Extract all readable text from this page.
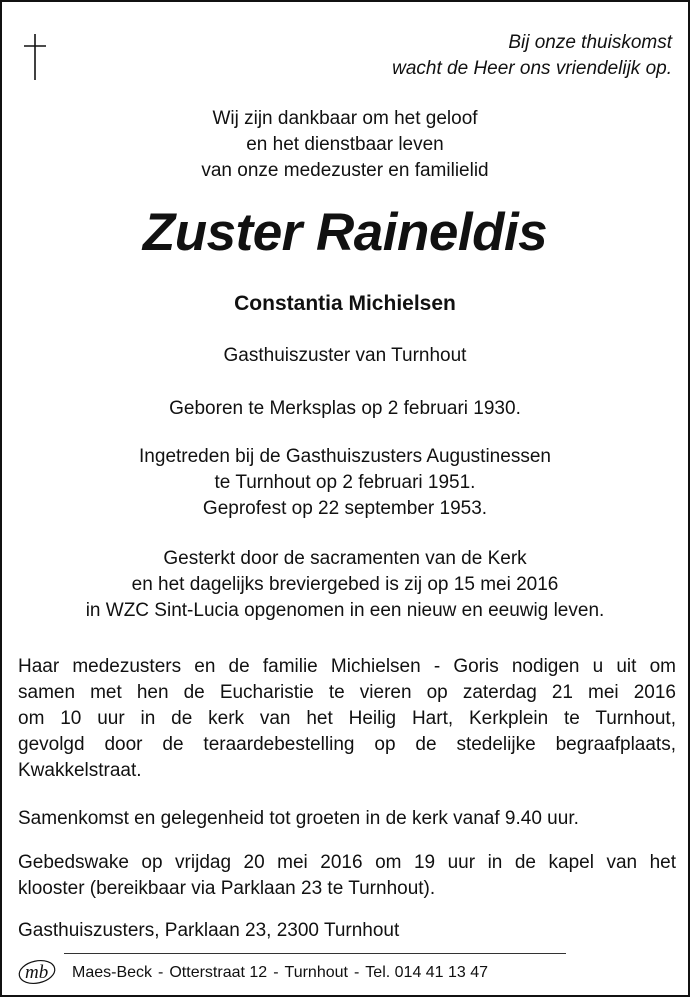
Bij onze thuiskomst
wacht de Heer ons vriendelijk op.
Wij zijn dankbaar om het geloof
en het dienstbaar leven
van onze medezuster en familielid
Zuster Raineldis
Constantia Michielsen
Gasthuiszuster van Turnhout
Geboren te Merksplas op 2 februari 1930.
Ingetreden bij de Gasthuiszusters Augustinessen
te Turnhout op 2 februari 1951.
Geprofest op 22 september 1953.
Gesterkt door de sacramenten van de Kerk
en het dagelijks breviergebed is zij op 15 mei 2016
in WZC Sint-Lucia opgenomen in een nieuw en eeuwig leven.
Haar medezusters en de familie Michielsen - Goris nodigen u uit om
samen met hen de Eucharistie te vieren op zaterdag 21 mei 2016
om 10 uur in de kerk van het Heilig Hart, Kerkplein te Turnhout,
gevolgd door de teraardebestelling op de stedelijke begraafplaats,
Kwakkelstraat.
Samenkomst en gelegenheid tot groeten in de kerk vanaf 9.40 uur.
Gebedswake op vrijdag 20 mei 2016 om 19 uur in de kapel van het
klooster (bereikbaar via Parklaan 23 te Turnhout).
Gasthuiszusters, Parklaan 23, 2300 Turnhout
mb Maes-Beck - Otterstraat 12 - Turnhout - Tel. 014 41 13 47
